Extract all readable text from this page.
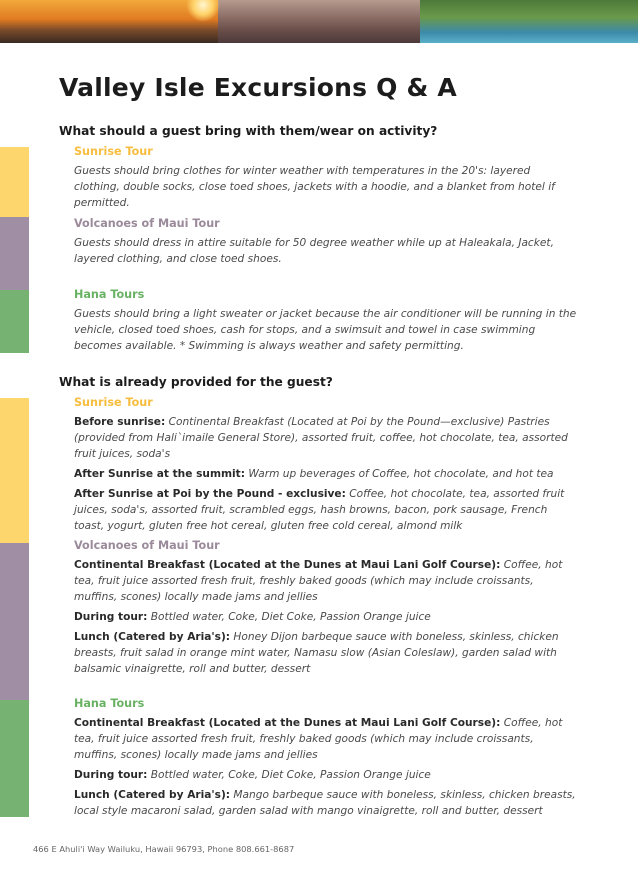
Valley Isle Excursions Q & A
What should a guest bring with them/wear on activity?
Sunrise Tour

Guests should bring clothes for winter weather with temperatures in the 20's: layered clothing, double socks, close toed shoes, jackets with a hoodie, and a blanket from hotel if permitted.

Volcanoes of Maui Tour

Guests should dress in attire suitable for 50 degree weather while up at Haleakala, Jacket, layered clothing, and close toed shoes.

Hana Tours

Guests should bring a light sweater or jacket because the air conditioner will be running in the vehicle, closed toed shoes, cash for stops, and a swimsuit and towel in case swimming becomes available. * Swimming is always weather and safety permitting.

What is already provided for the guest?
Sunrise Tour

Before sunrise: Continental Breakfast (Located at Poi by the Pound—exclusive) Pastries (provided from Hali`imaile General Store), assorted fruit, coffee, hot chocolate, tea, assorted fruit juices, soda's

After Sunrise at the summit: Warm up beverages of Coffee, hot chocolate, and hot tea

After Sunrise at Poi by the Pound - exclusive: Coffee, hot chocolate, tea, assorted fruit juices, soda's, assorted fruit, scrambled eggs, hash browns, bacon, pork sausage, French toast, yogurt, gluten free hot cereal, gluten free cold cereal, almond milk

Volcanoes of Maui Tour

Continental Breakfast (Located at the Dunes at Maui Lani Golf Course): Coffee, hot tea, fruit juice assorted fresh fruit, freshly baked goods (which may include croissants, muffins, scones) locally made jams and jellies

During tour: Bottled water, Coke, Diet Coke, Passion Orange juice

Lunch (Catered by Aria's): Honey Dijon barbeque sauce with boneless, skinless, chicken breasts, fruit salad in orange mint water, Namasu slow (Asian Coleslaw), garden salad with balsamic vinaigrette, roll and butter, dessert

Hana Tours

Continental Breakfast (Located at the Dunes at Maui Lani Golf Course): Coffee, hot tea, fruit juice assorted fresh fruit, freshly baked goods (which may include croissants, muffins, scones) locally made jams and jellies

During tour: Bottled water, Coke, Diet Coke, Passion Orange juice

Lunch (Catered by Aria's): Mango barbeque sauce with boneless, skinless, chicken breasts, local style macaroni salad, garden salad with mango vinaigrette, roll and butter, dessert

466 E Ahuli'i Way Wailuku, Hawaii 96793, Phone 808.661-8687
